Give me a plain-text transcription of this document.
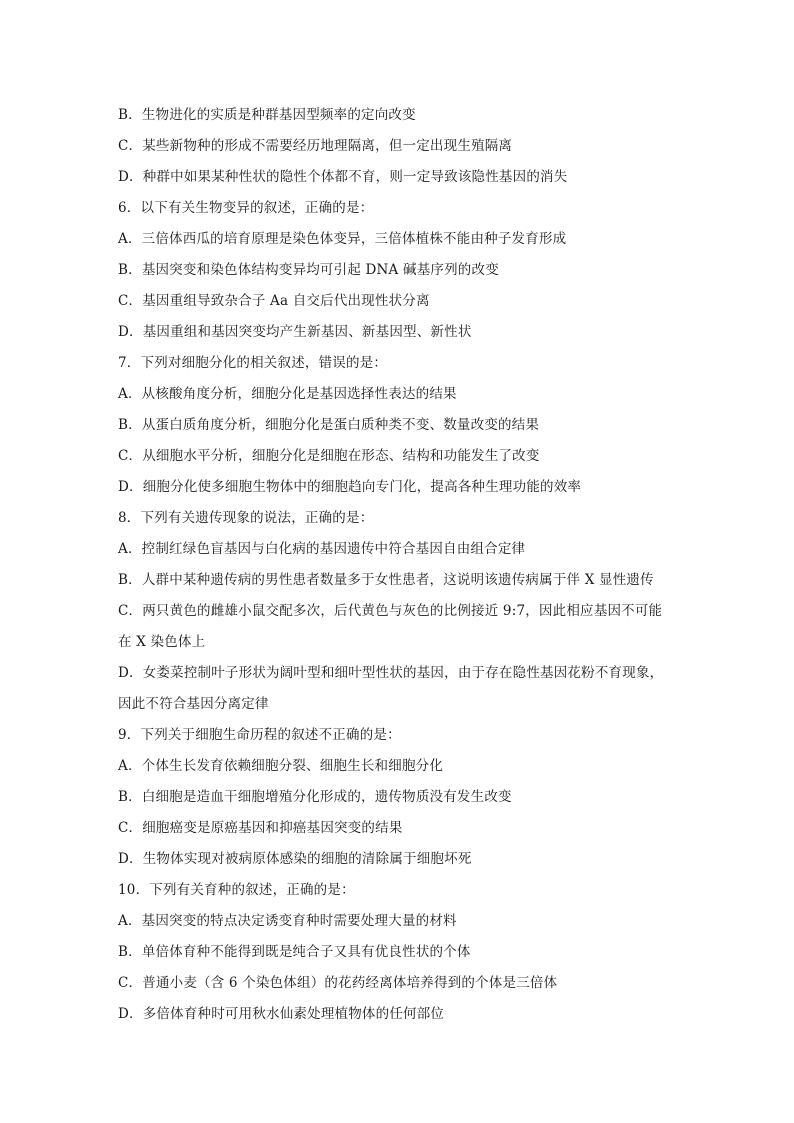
B．生物进化的实质是种群基因型频率的定向改变
C．某些新物种的形成不需要经历地理隔离，但一定出现生殖隔离
D．种群中如果某种性状的隐性个体都不育，则一定导致该隐性基因的消失
6．以下有关生物变异的叙述，正确的是：
A．三倍体西瓜的培育原理是染色体变异，三倍体植株不能由种子发育形成
B．基因突变和染色体结构变异均可引起 DNA 碱基序列的改变
C．基因重组导致杂合子 Aa 自交后代出现性状分离
D．基因重组和基因突变均产生新基因、新基因型、新性状
7．下列对细胞分化的相关叙述，错误的是：
A．从核酸角度分析，细胞分化是基因选择性表达的结果
B．从蛋白质角度分析，细胞分化是蛋白质种类不变、数量改变的结果
C．从细胞水平分析，细胞分化是细胞在形态、结构和功能发生了改变
D．细胞分化使多细胞生物体中的细胞趋向专门化，提高各种生理功能的效率
8．下列有关遗传现象的说法，正确的是：
A．控制红绿色盲基因与白化病的基因遗传中符合基因自由组合定律
B．人群中某种遗传病的男性患者数量多于女性患者，这说明该遗传病属于伴 X 显性遗传
C．两只黄色的雌雄小鼠交配多次，后代黄色与灰色的比例接近 9:7，因此相应基因不可能
在 X 染色体上
D．女娄菜控制叶子形状为阔叶型和细叶型性状的基因，由于存在隐性基因花粉不育现象，
因此不符合基因分离定律
9．下列关于细胞生命历程的叙述不正确的是：
A．个体生长发育依赖细胞分裂、细胞生长和细胞分化
B．白细胞是造血干细胞增殖分化形成的，遗传物质没有发生改变
C．细胞癌变是原癌基因和抑癌基因突变的结果
D．生物体实现对被病原体感染的细胞的清除属于细胞坏死
10．下列有关育种的叙述，正确的是：
A．基因突变的特点决定诱变育种时需要处理大量的材料
B．单倍体育种不能得到既是纯合子又具有优良性状的个体
C．普通小麦（含 6 个染色体组）的花药经离体培养得到的个体是三倍体
D．多倍体育种时可用秋水仙素处理植物体的任何部位
